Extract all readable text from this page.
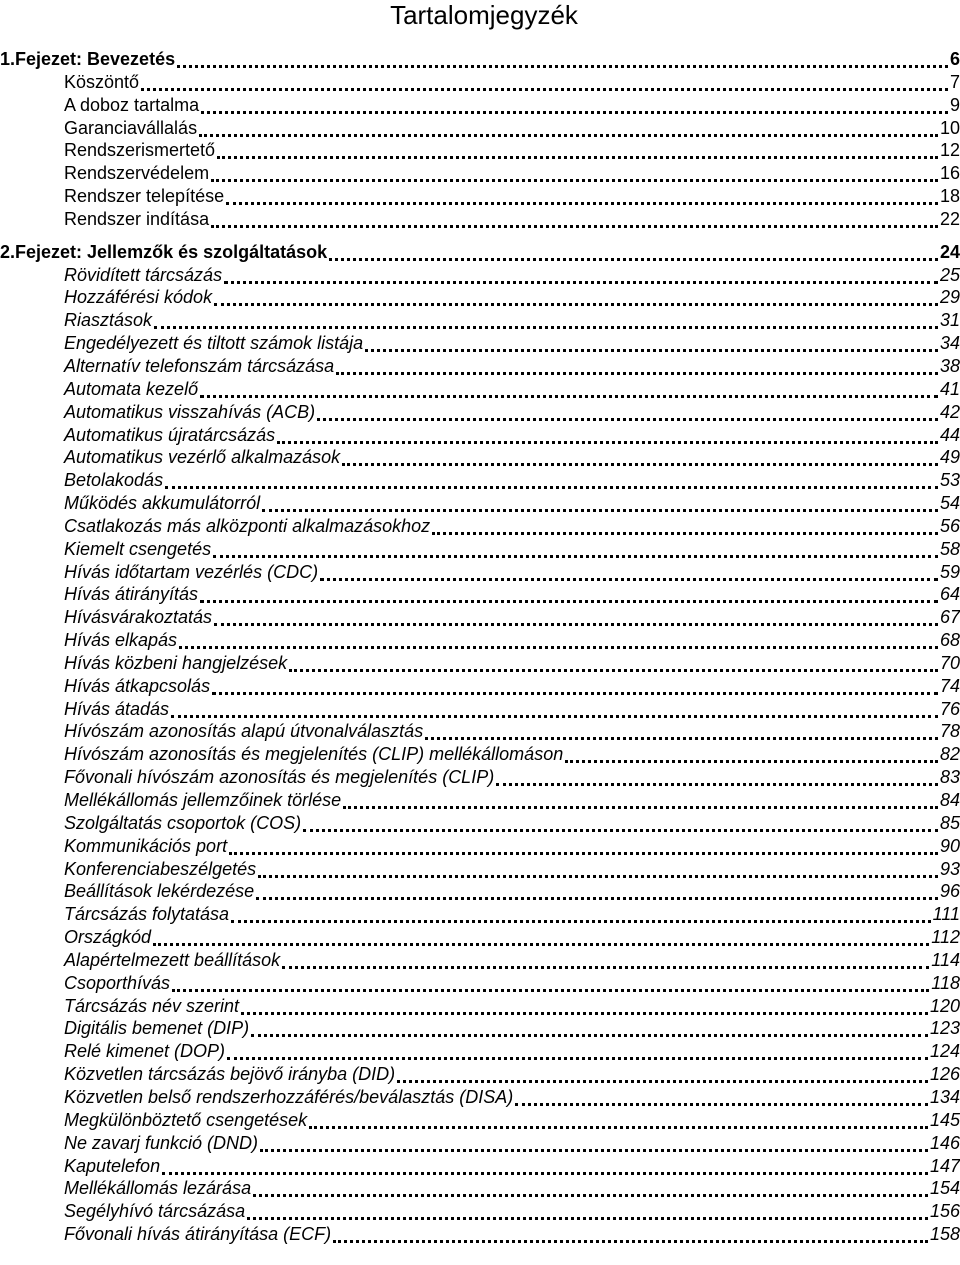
Tartalomjegyzék
1.Fejezet: Bevezetés	6
Köszöntő	7
A doboz tartalma	9
Garanciavállalás	10
Rendszerismertető	12
Rendszervédelem	16
Rendszer telepítése	18
Rendszer indítása	22
2.Fejezet: Jellemzők és szolgáltatások	24
Rövidített tárcsázás	25
Hozzáférési kódok	29
Riasztások	31
Engedélyezett és tiltott számok listája	34
Alternatív telefonszám tárcsázása	38
Automata kezelő	41
Automatikus visszahívás (ACB)	42
Automatikus újratárcsázás	44
Automatikus vezérlő alkalmazások	49
Betolakodás	53
Működés akkumulátorról	54
Csatlakozás más alközponti alkalmazásokhoz	56
Kiemelt csengetés	58
Hívás időtartam vezérlés (CDC)	59
Hívás átirányítás	64
Hívásvárakoztatás	67
Hívás elkapás	68
Hívás közbeni hangjelzések	70
Hívás átkapcsolás	74
Hívás átadás	76
Hívószám azonosítás alapú útvonalválasztás	78
Hívószám azonosítás és megjelenítés (CLIP) mellékállomáson	82
Fővonali hívószám azonosítás és megjelenítés (CLIP)	83
Mellékállomás jellemzőinek törlése	84
Szolgáltatás csoportok (COS)	85
Kommunikációs port	90
Konferenciabeszélgetés	93
Beállítások lekérdezése	96
Tárcsázás folytatása	111
Országkód	112
Alapértelmezett beállítások	114
Csoporthívás	118
Tárcsázás név szerint	120
Digitális bemenet (DIP)	123
Relé kimenet (DOP)	124
Közvetlen tárcsázás bejövő irányba (DID)	126
Közvetlen belső rendszerhozzáférés/beválasztás (DISA)	134
Megkülönböztető csengetések	145
Ne zavarj funkció (DND)	146
Kaputelefon	147
Mellékállomás lezárása	154
Segélyhívó tárcsázása	156
Fővonali hívás átirányítása (ECF)	158
